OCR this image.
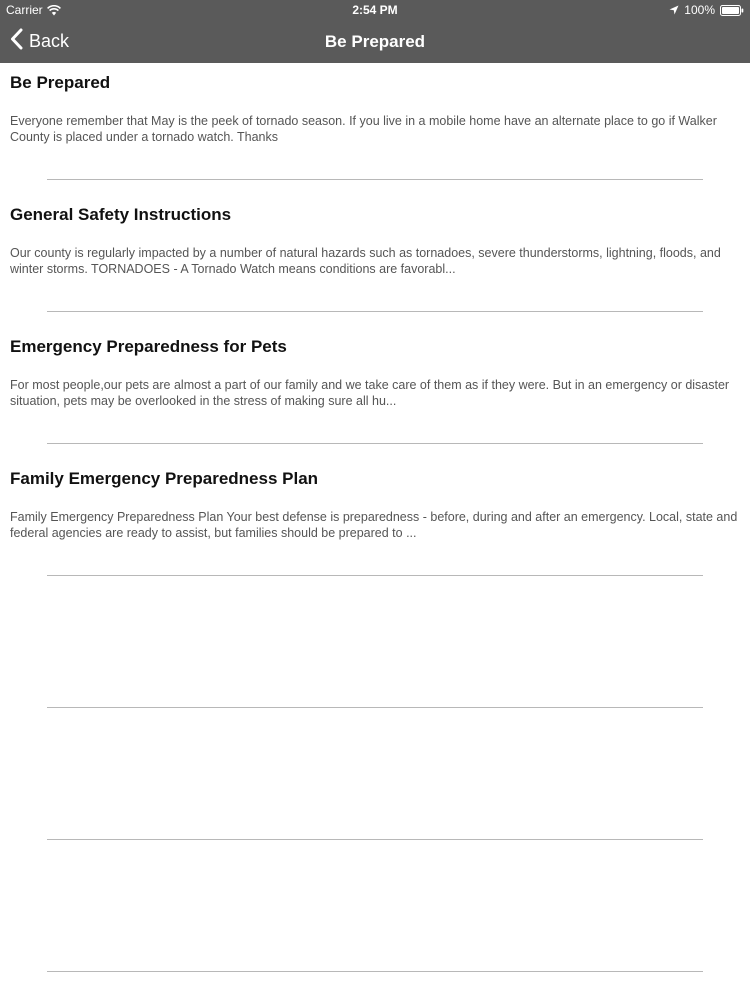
Carrier	2:54 PM	100%
Back	Be Prepared
Be Prepared
Everyone remember that May is the peek of tornado season. If you live in a mobile home have an alternate place to go if Walker County is placed under a tornado watch. Thanks
General Safety Instructions
Our county is regularly impacted by a number of natural hazards such as tornadoes, severe thunderstorms, lightning, floods, and winter storms. TORNADOES - A Tornado Watch means conditions are favorabl...
Emergency Preparedness for Pets
For most people,our pets are almost a part of our family and we take care of them as if they were. But in an emergency or disaster situation, pets may be overlooked in the stress of making sure all hu...
Family Emergency Preparedness Plan
Family Emergency Preparedness Plan Your best defense is preparedness - before, during and after an emergency. Local, state and federal agencies are ready to assist, but families should be prepared to ...
